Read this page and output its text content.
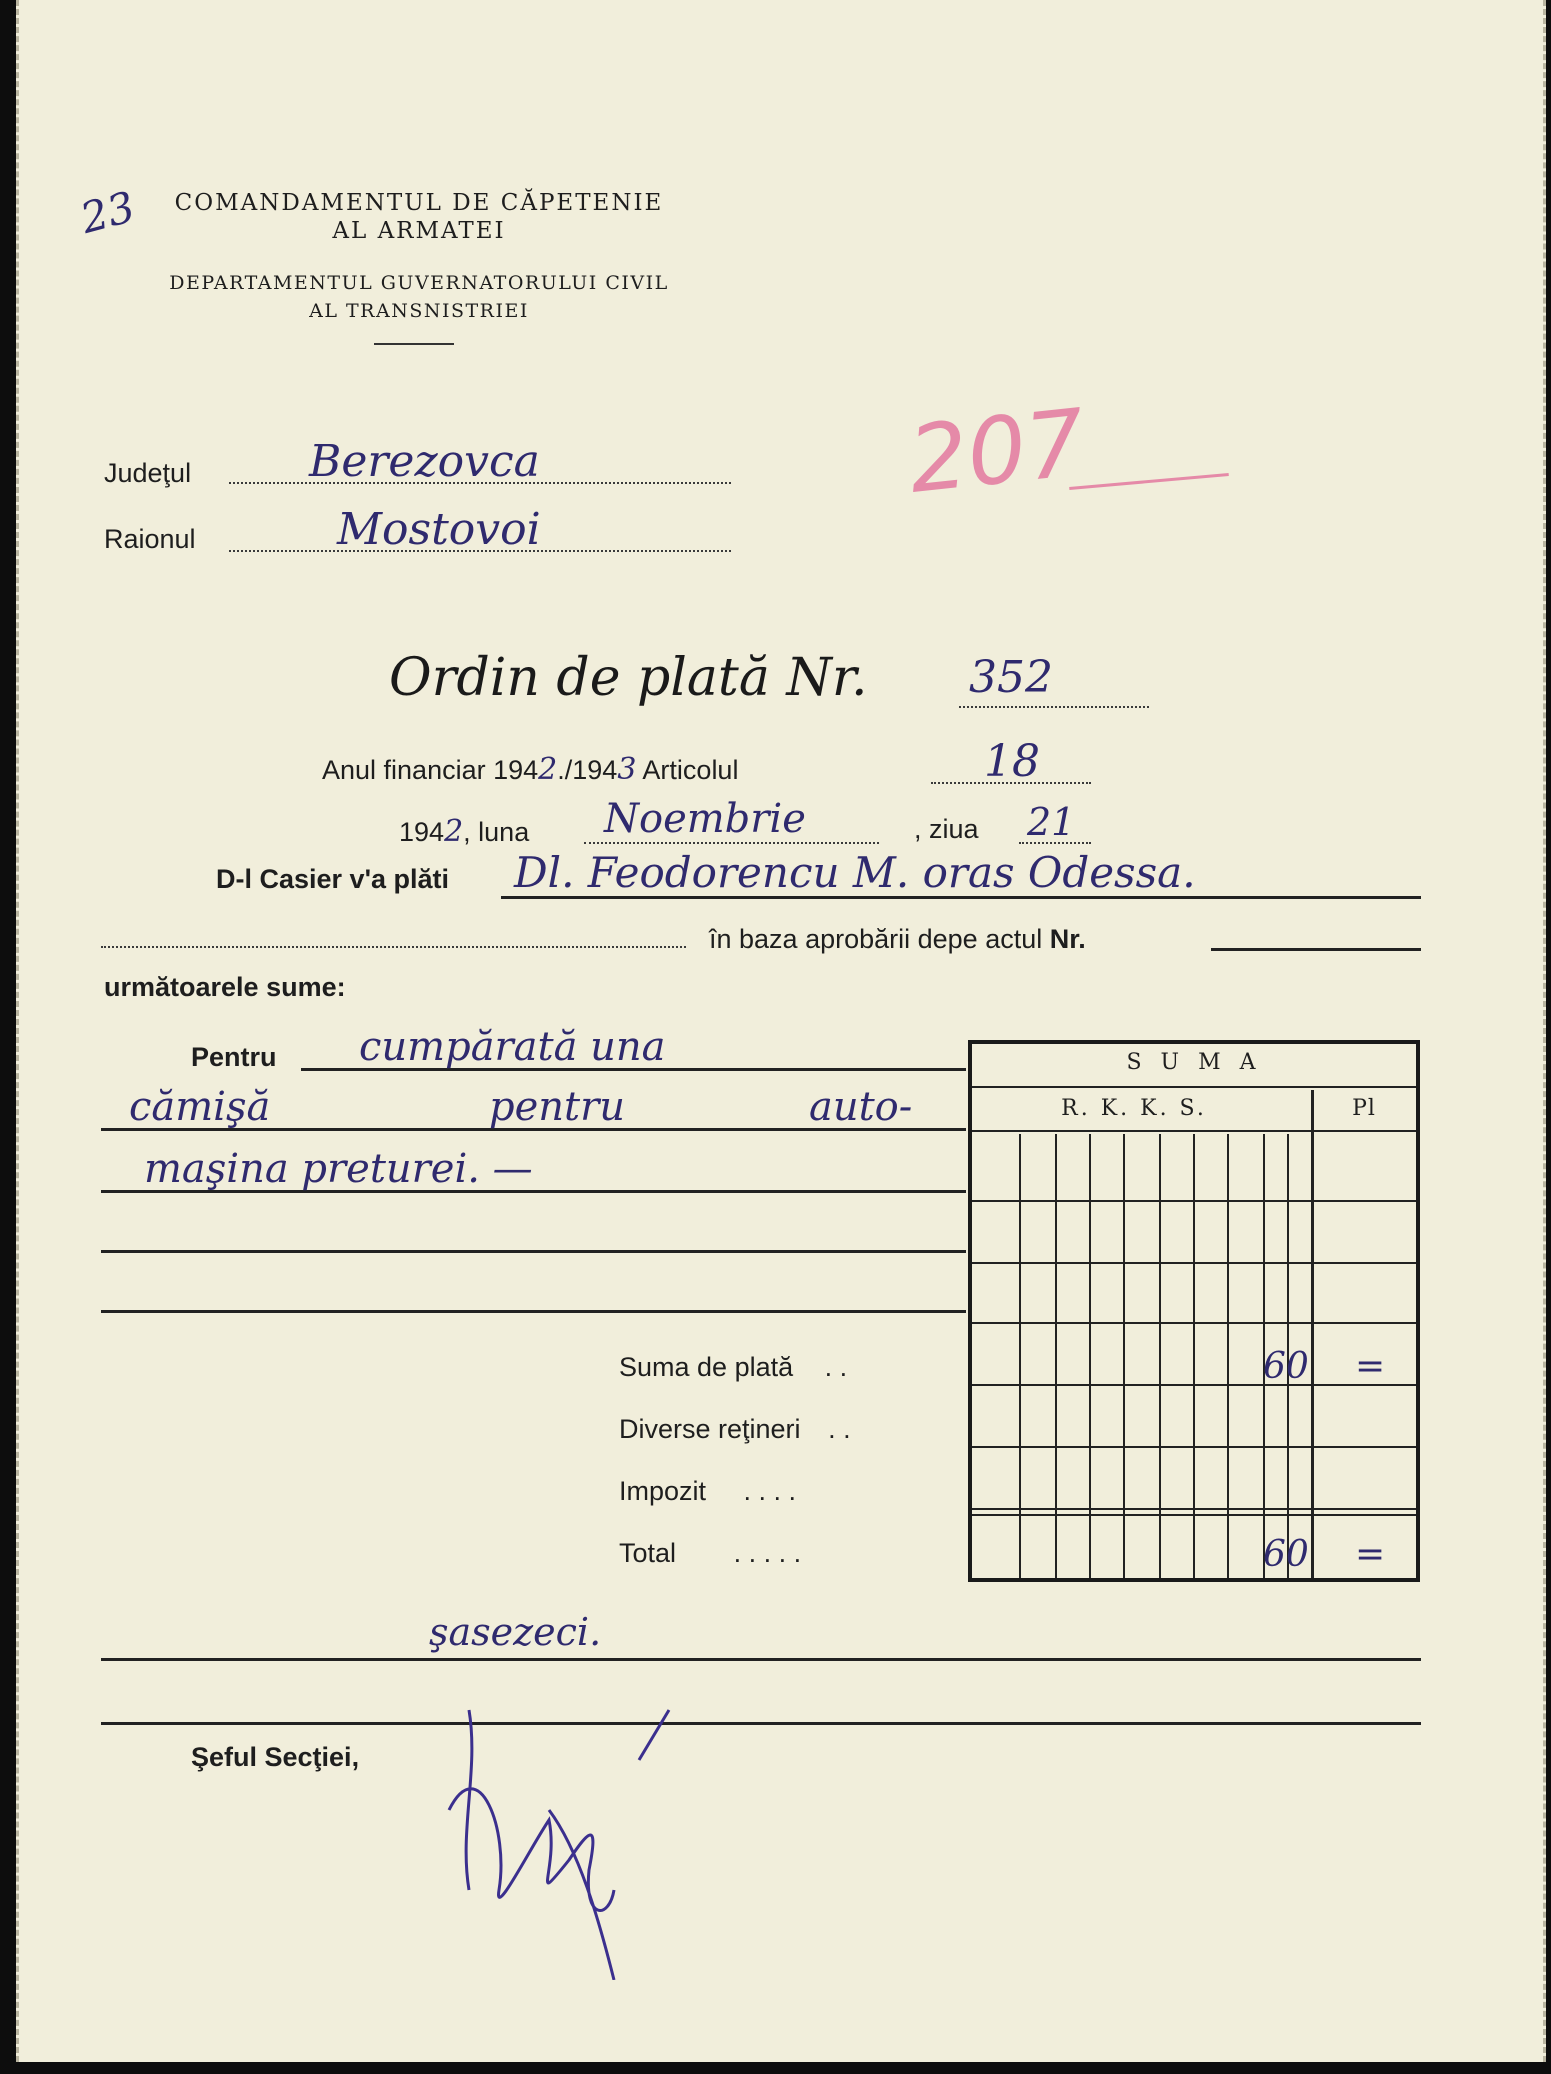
COMANDAMENTUL DE CĂPETENIE
AL ARMATEI
DEPARTAMENTUL GUVERNATORULUI CIVIL
AL TRANSNISTRIEI
23
207
Judeţul	Berezovca
Raionul	Mostovoi
Ordin de plată Nr. 352
Anul financiar 1942./1943 Articolul	18
1942, luna Noembrie	, ziua 21
D-l Casier v'a plăti Dl. Feodorencu M. oras Odessa.
în baza aprobării depe actul Nr.
următoarele sume:
Pentru cumpărată una
cămişă	pentru	auto-
maşina preturei. —
S U M A
R. K. K. S.	Pl
Suma de plată . .	60 =
Diverse reţineri . .
Impozit . . . .
Total . . . . .	60 =
şasezeci.
Şeful Secţiei,
